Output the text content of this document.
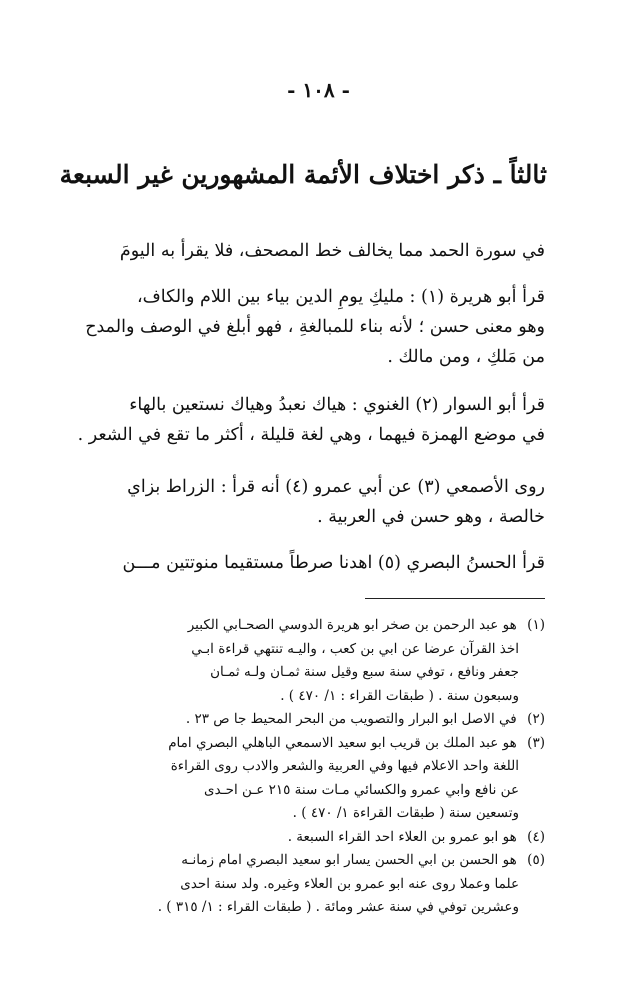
- ١٠٨ -
ثالثاً ـ ذكر اختلاف الأئمة المشهورين غير السبعة

في سورة الحمد مما يخالف خط المصحف، فلا يقرأ به اليومَ

قرأ أبو هريرة (١) : مليكِ يومِ الدين بياء بين اللام والكاف،

وهو معنى حسن ؛ لأنه بناء للمبالغةِ ، فهو أبلغ في الوصف والمدح

من مَلكِ ، ومن مالك .

قرأ أبو السوار (٢) الغنوي : هياك نعبدُ وهياك نستعين بالهاء

في موضع الهمزة فيهما ، وهي لغة قليلة ، أكثر ما تقع في الشعر .

روى الأصمعي (٣) عن أبي عمرو (٤) أنه قرأ : الزراط بزاي

خالصة ، وهو حسن في العربية .

قرأ الحسنُ البصري (٥) اهدنا صرطاً مستقيما منوتتين مـــن

(١) هو عبد الرحمن بن صخر ابو هريرة الدوسي الصحـابي الكبير

اخذ القرآن عرضا عن ابي بن كعب ، واليـه تنتهي قراءة ابـي

جعفر ونافع ، توفي سنة سبع وقيل سنة ثمـان ولـه ثمـان

وسبعون سنة . ( طبقات القراء : ١/ ٤٧٠ ) .

(٢) في الاصل ابو البرار والتصويب من البحر المحيط جا ص ٢٣ .

(٣) هو عبد الملك بن قريب ابو سعيد الاسمعي الباهلي البصري امام

اللغة واحد الاعلام فيها وفي العربية والشعر والادب روى القراءة

عن نافع وابي عمرو والكسائي مـات سنة ٢١٥ عـن احـدى

وتسعين سنة ( طبقات القراءة ١/ ٤٧٠ ) .

(٤) هو ابو عمرو بن العلاء احد القراء السبعة .

(٥) هو الحسن بن ابي الحسن يسار ابو سعيد البصري امام زمانـه

علما وعملا روى عنه ابو عمرو بن العلاء وغيره. ولد سنة احدى

وعشرين توفي في سنة عشر ومائة . ( طبقات القراء : ١/ ٣١٥ ) .
